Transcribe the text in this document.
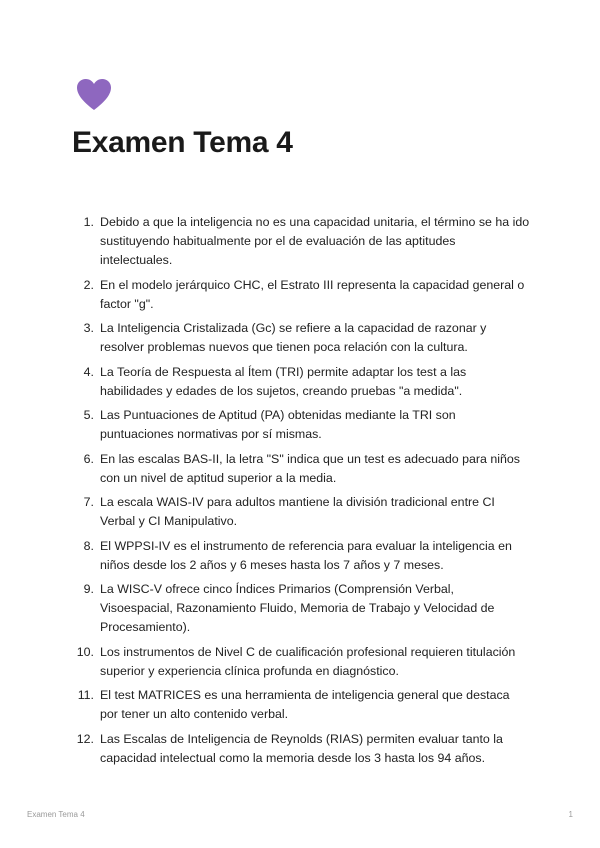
Examen Tema 4
1. Debido a que la inteligencia no es una capacidad unitaria, el término se ha ido sustituyendo habitualmente por el de evaluación de las aptitudes intelectuales.
2. En el modelo jerárquico CHC, el Estrato III representa la capacidad general o factor "g".
3. La Inteligencia Cristalizada (Gc) se refiere a la capacidad de razonar y resolver problemas nuevos que tienen poca relación con la cultura.
4. La Teoría de Respuesta al Ítem (TRI) permite adaptar los test a las habilidades y edades de los sujetos, creando pruebas "a medida".
5. Las Puntuaciones de Aptitud (PA) obtenidas mediante la TRI son puntuaciones normativas por sí mismas.
6. En las escalas BAS-II, la letra "S" indica que un test es adecuado para niños con un nivel de aptitud superior a la media.
7. La escala WAIS-IV para adultos mantiene la división tradicional entre CI Verbal y CI Manipulativo.
8. El WPPSI-IV es el instrumento de referencia para evaluar la inteligencia en niños desde los 2 años y 6 meses hasta los 7 años y 7 meses.
9. La WISC-V ofrece cinco Índices Primarios (Comprensión Verbal, Visoespacial, Razonamiento Fluido, Memoria de Trabajo y Velocidad de Procesamiento).
10. Los instrumentos de Nivel C de cualificación profesional requieren titulación superior y experiencia clínica profunda en diagnóstico.
11. El test MATRICES es una herramienta de inteligencia general que destaca por tener un alto contenido verbal.
12. Las Escalas de Inteligencia de Reynolds (RIAS) permiten evaluar tanto la capacidad intelectual como la memoria desde los 3 hasta los 94 años.
Examen Tema 4	1
